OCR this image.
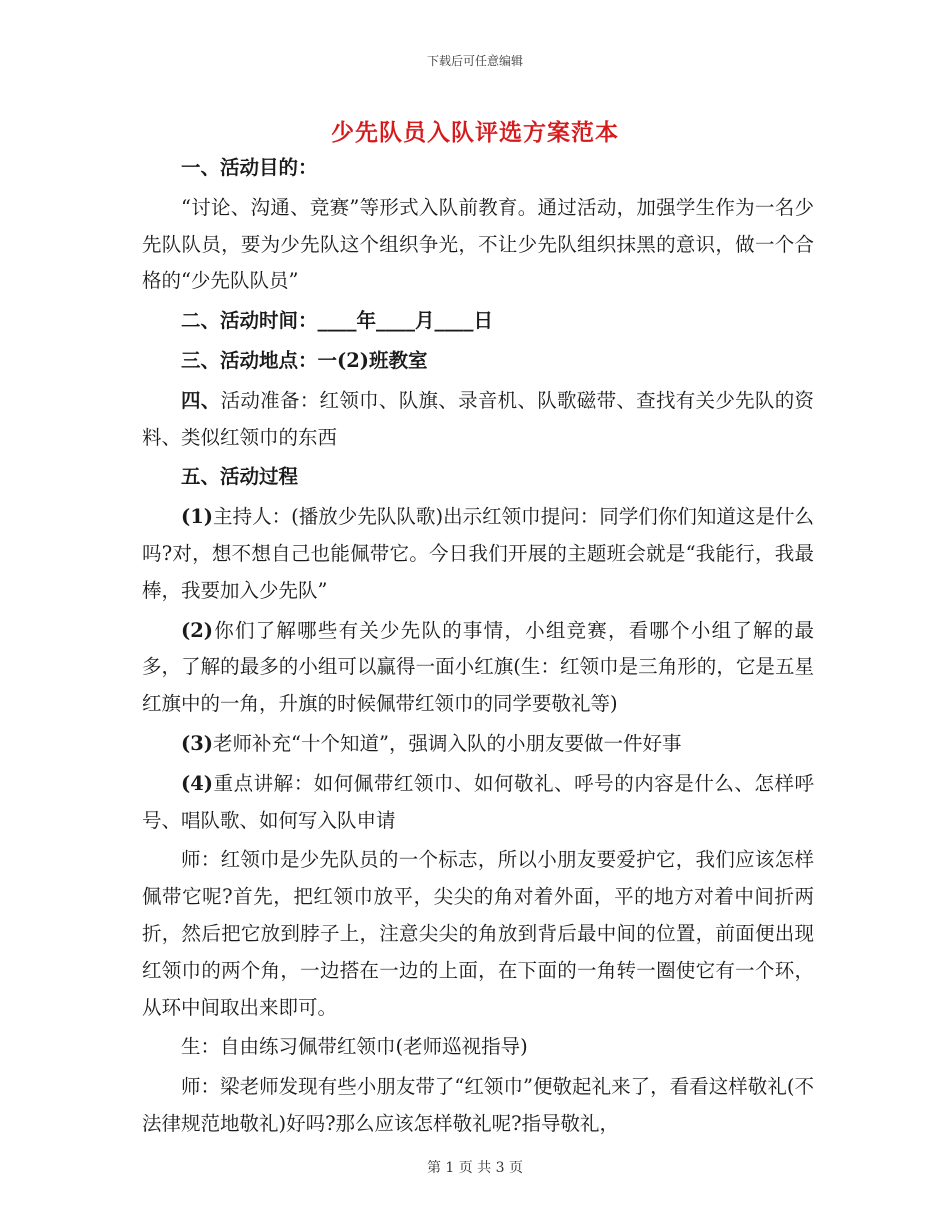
下载后可任意编辑
少先队员入队评选方案范本

一、活动目的：

“讨论、沟通、竞赛”等形式入队前教育。通过活动，加强学生作为一名少先队队员，要为少先队这个组织争光，不让少先队组织抹黑的意识，做一个合格的“少先队队员”

二、活动时间：____年____月____日

三、活动地点：一(2)班教室

四、活动准备：红领巾、队旗、录音机、队歌磁带、查找有关少先队的资料、类似红领巾的东西

五、活动过程

(1)主持人：(播放少先队队歌)出示红领巾提问：同学们你们知道这是什么吗?对，想不想自己也能佩带它。今日我们开展的主题班会就是“我能行，我最棒，我要加入少先队”

(2)你们了解哪些有关少先队的事情，小组竞赛，看哪个小组了解的最多，了解的最多的小组可以赢得一面小红旗(生：红领巾是三角形的，它是五星红旗中的一角，升旗的时候佩带红领巾的同学要敬礼等)

(3)老师补充“十个知道”，强调入队的小朋友要做一件好事

(4)重点讲解：如何佩带红领巾、如何敬礼、呼号的内容是什么、怎样呼号、唱队歌、如何写入队申请

师：红领巾是少先队员的一个标志，所以小朋友要爱护它，我们应该怎样佩带它呢?首先，把红领巾放平，尖尖的角对着外面，平的地方对着中间折两折，然后把它放到脖子上，注意尖尖的角放到背后最中间的位置，前面便出现红领巾的两个角，一边搭在一边的上面，在下面的一角转一圈使它有一个环，从环中间取出来即可。

生：自由练习佩带红领巾(老师巡视指导)

师：梁老师发现有些小朋友带了“红领巾”便敬起礼来了，看看这样敬礼(不法律规范地敬礼)好吗?那么应该怎样敬礼呢?指导敬礼，

第 1 页 共 3 页
